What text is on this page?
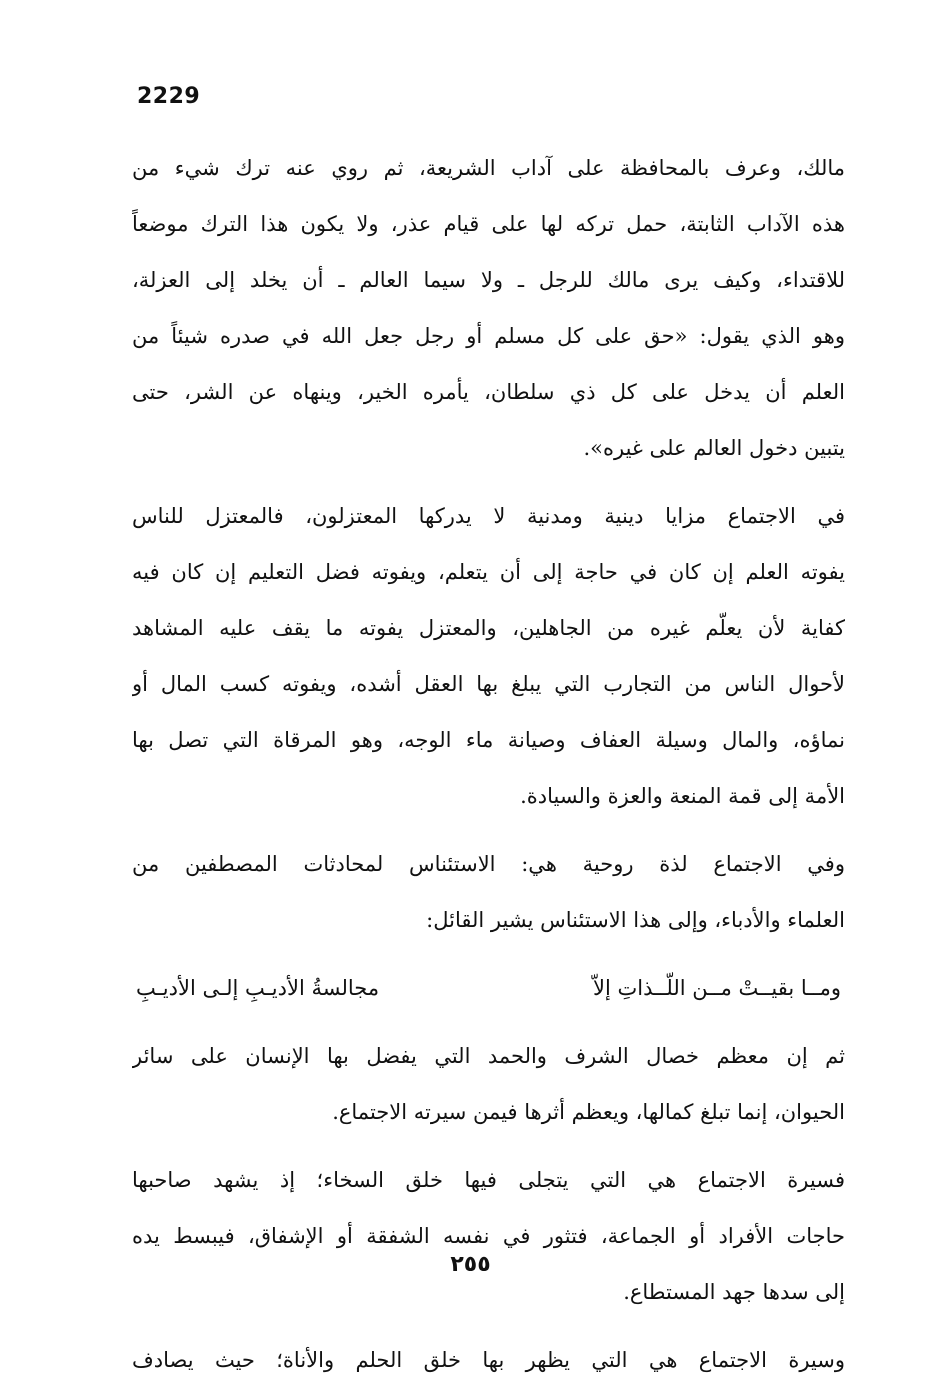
2229
مالك، وعرف بالمحافظة على آداب الشريعة، ثم روي عنه ترك شيء من
هذه الآداب الثابتة، حمل تركه لها على قيام عذر، ولا يكون هذا الترك موضعاً
للاقتداء، وكيف يرى مالك للرجل ـ ولا سيما العالم ـ أن يخلد إلى العزلة،
وهو الذي يقول: «حق على كل مسلم أو رجل جعل الله في صدره شيئاً من
العلم أن يدخل على كل ذي سلطان، يأمره الخير، وينهاه عن الشر، حتى
يتبين دخول العالم على غيره».
في الاجتماع مزايا دينية ومدنية لا يدركها المعتزلون، فالمعتزل للناس
يفوته العلم إن كان في حاجة إلى أن يتعلم، ويفوته فضل التعليم إن كان فيه
كفاية لأن يعلّم غيره من الجاهلين، والمعتزل يفوته ما يقف عليه المشاهد
لأحوال الناس من التجارب التي يبلغ بها العقل أشده، ويفوته كسب المال أو
نماؤه، والمال وسيلة العفاف وصيانة ماء الوجه، وهو المرقاة التي تصل بها
الأمة إلى قمة المنعة والعزة والسيادة.
وفي الاجتماع لذة روحية هي: الاستئناس لمحادثات المصطفين من
العلماء والأدباء، وإلى هذا الاستئناس يشير القائل:
ومــا بقيــتْ مــن اللّــذاتِ إلاّ
مجالسةُ الأديـبِ إلـى الأديـبِ
ثم إن معظم خصال الشرف والحمد التي يفضل بها الإنسان على سائر
الحيوان، إنما تبلغ كمالها، ويعظم أثرها فيمن سيرته الاجتماع.
فسيرة الاجتماع هي التي يتجلى فيها خلق السخاء؛ إذ يشهد صاحبها
حاجات الأفراد أو الجماعة، فتثور في نفسه الشفقة أو الإشفاق، فيبسط يده
إلى سدها جهد المستطاع.
وسيرة الاجتماع هي التي يظهر بها خلق الحلم والأناة؛ حيث يصادف
٢٥٥
